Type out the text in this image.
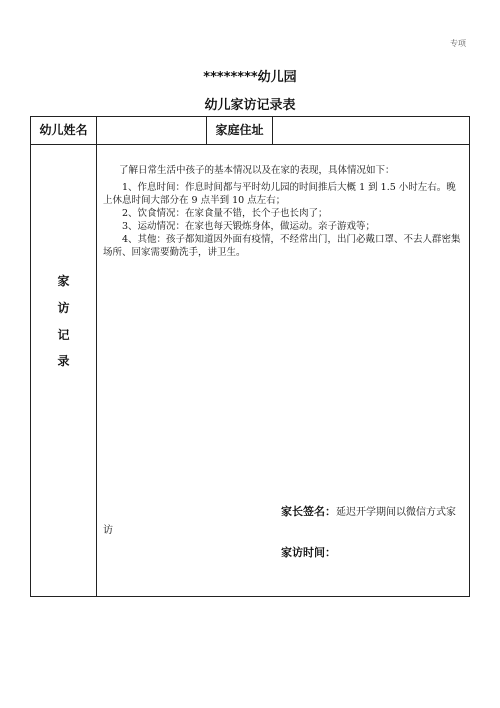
专项
********幼儿园
幼儿家访记录表
幼儿姓名	家庭住址
家
访
记
录
了解日常生活中孩子的基本情况以及在家的表现，具体情况如下：

1、作息时间：作息时间都与平时幼儿园的时间推后大概 1 到 1.5 小时左右。晚上休息时间大部分在 9 点半到 10 点左右；

2、饮食情况：在家食量不错，长个子也长肉了；

3、运动情况：在家也每天锻炼身体，做运动。亲子游戏等；

4、其他：孩子都知道因外面有疫情，不经常出门，出门必戴口罩、不去人群密集场所、回家需要勤洗手，讲卫生。

家长签名：延迟开学期间以微信方式家
访
家访时间：
